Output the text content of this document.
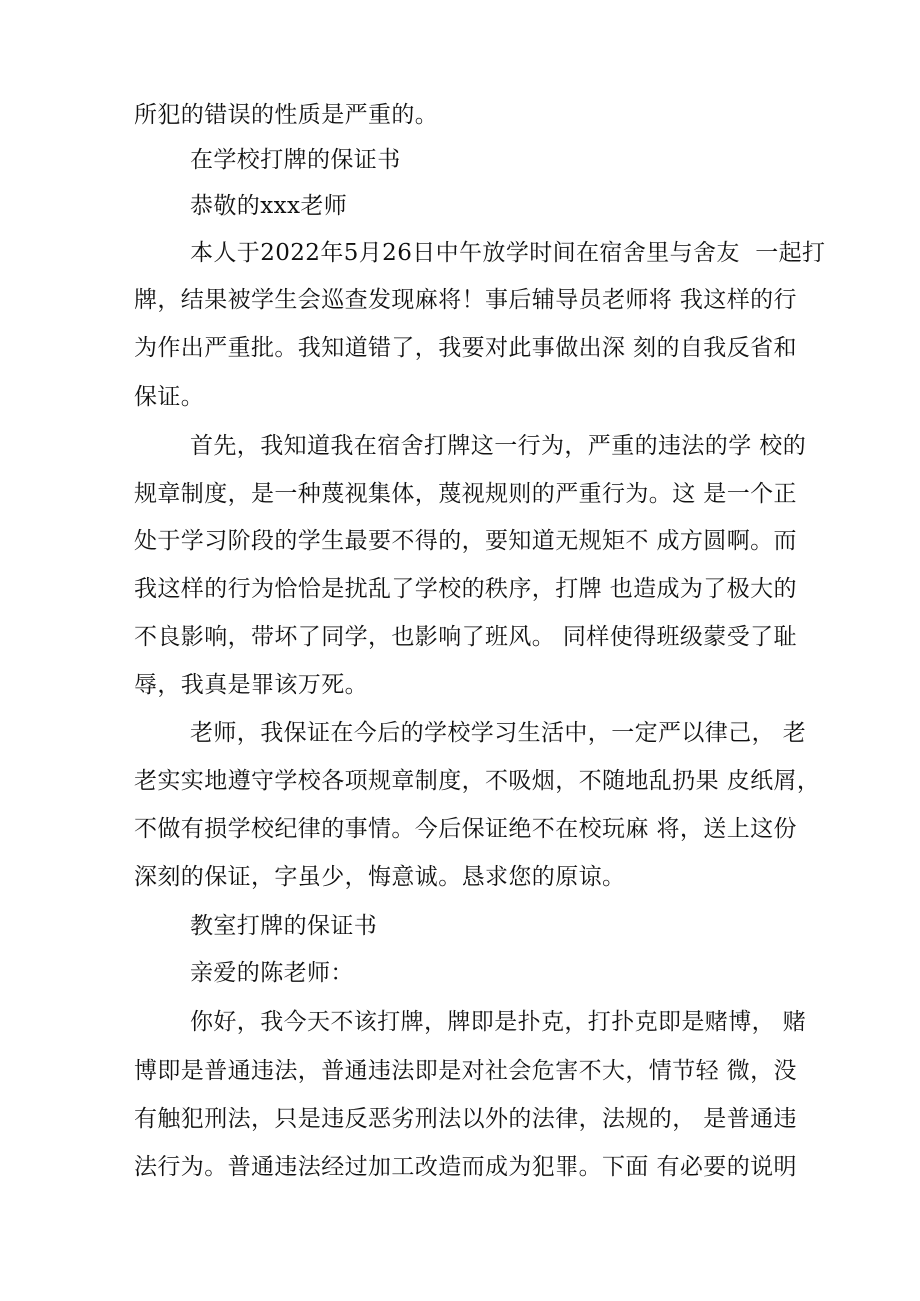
所犯的错误的性质是严重的。
在学校打牌的保证书
恭敬的xxx老师
本人于2022年5月26日中午放学时间在宿舍里与舍友  一起打
牌，结果被学生会巡查发现麻将！事后辅导员老师将 我这样的行
为作出严重批。我知道错了，我要对此事做出深 刻的自我反省和
保证。
首先，我知道我在宿舍打牌这一行为，严重的违法的学 校的
规章制度，是一种蔑视集体，蔑视规则的严重行为。这 是一个正
处于学习阶段的学生最要不得的，要知道无规矩不 成方圆啊。而
我这样的行为恰恰是扰乱了学校的秩序，打牌 也造成为了极大的
不良影响，带坏了同学，也影响了班风。 同样使得班级蒙受了耻
辱，我真是罪该万死。
老师，我保证在今后的学校学习生活中，一定严以律己， 老
老实实地遵守学校各项规章制度，不吸烟，不随地乱扔果 皮纸屑，
不做有损学校纪律的事情。今后保证绝不在校玩麻 将，送上这份
深刻的保证，字虽少，悔意诚。恳求您的原谅。
教室打牌的保证书
亲爱的陈老师：
你好，我今天不该打牌，牌即是扑克，打扑克即是赌博， 赌
博即是普通违法，普通违法即是对社会危害不大，情节轻 微，没
有触犯刑法，只是违反恶劣刑法以外的法律，法规的， 是普通违
法行为。普通违法经过加工改造而成为犯罪。下面 有必要的说明
